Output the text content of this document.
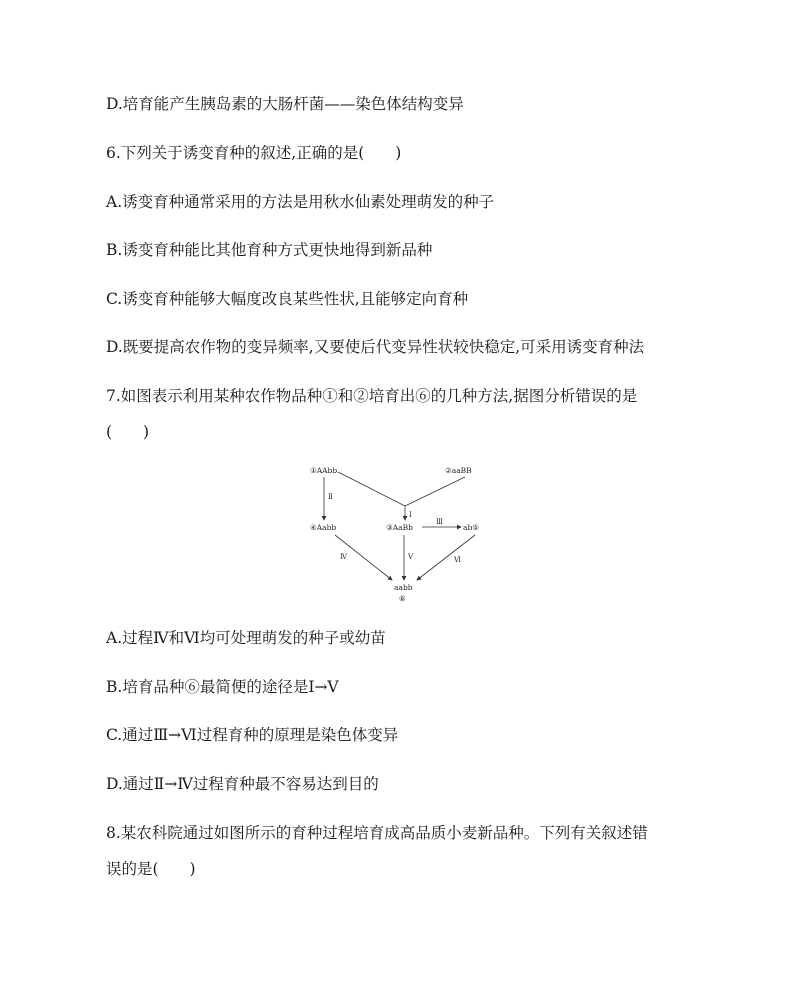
D.培育能产生胰岛素的大肠杆菌——染色体结构变异
6.下列关于诱变育种的叙述,正确的是(　　)
A.诱变育种通常采用的方法是用秋水仙素处理萌发的种子
B.诱变育种能比其他育种方式更快地得到新品种
C.诱变育种能够大幅度改良某些性状,且能够定向育种
D.既要提高农作物的变异频率,又要使后代变异性状较快稳定,可采用诱变育种法
7.如图表示利用某种农作物品种①和②培育出⑥的几种方法,据图分析错误的是
(　　)
①AAbb	②aaBB
④Aabb	③AaBb	ab⑤
aabb
⑥
Ⅰ
Ⅱ
Ⅲ
Ⅳ	Ⅴ	Ⅵ
A.过程Ⅳ和Ⅵ均可处理萌发的种子或幼苗
B.培育品种⑥最简便的途径是Ⅰ→Ⅴ
C.通过Ⅲ→Ⅵ过程育种的原理是染色体变异
D.通过Ⅱ→Ⅳ过程育种最不容易达到目的
8.某农科院通过如图所示的育种过程培育成高品质小麦新品种。下列有关叙述错
误的是(　　)
